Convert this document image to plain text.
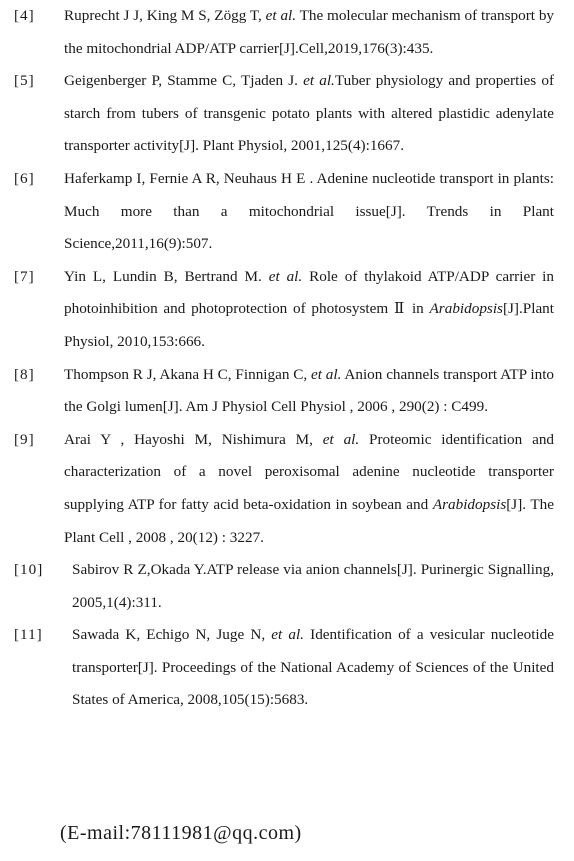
[4] Ruprecht J J, King M S, Zögg T, et al. The molecular mechanism of transport by the mitochondrial ADP/ATP carrier[J].Cell,2019,176(3):435.
[5] Geigenberger P, Stamme C, Tjaden J. et al.Tuber physiology and properties of starch from tubers of transgenic potato plants with altered plastidic adenylate transporter activity[J]. Plant Physiol, 2001,125(4):1667.
[6] Haferkamp I, Fernie A R, Neuhaus H E . Adenine nucleotide transport in plants: Much more than a mitochondrial issue[J]. Trends in Plant Science,2011,16(9):507.
[7] Yin L, Lundin B, Bertrand M. et al. Role of thylakoid ATP/ADP carrier in photoinhibition and photoprotection of photosystem Ⅱ in Arabidopsis[J].Plant Physiol, 2010,153:666.
[8] Thompson R J, Akana H C, Finnigan C, et al. Anion channels transport ATP into the Golgi lumen[J]. Am J Physiol Cell Physiol , 2006 , 290(2) : C499.
[9] Arai Y , Hayoshi M, Nishimura M, et al. Proteomic identification and characterization of a novel peroxisomal adenine nucleotide transporter supplying ATP for fatty acid beta-oxidation in soybean and Arabidopsis[J]. The Plant Cell , 2008 , 20(12) : 3227.
[10] Sabirov R Z,Okada Y.ATP release via anion channels[J]. Purinergic Signalling, 2005,1(4):311.
[11] Sawada K, Echigo N, Juge N, et al. Identification of a vesicular nucleotide transporter[J]. Proceedings of the National Academy of Sciences of the United States of America, 2008,105(15):5683.
(E-mail:78111981@qq.com)
